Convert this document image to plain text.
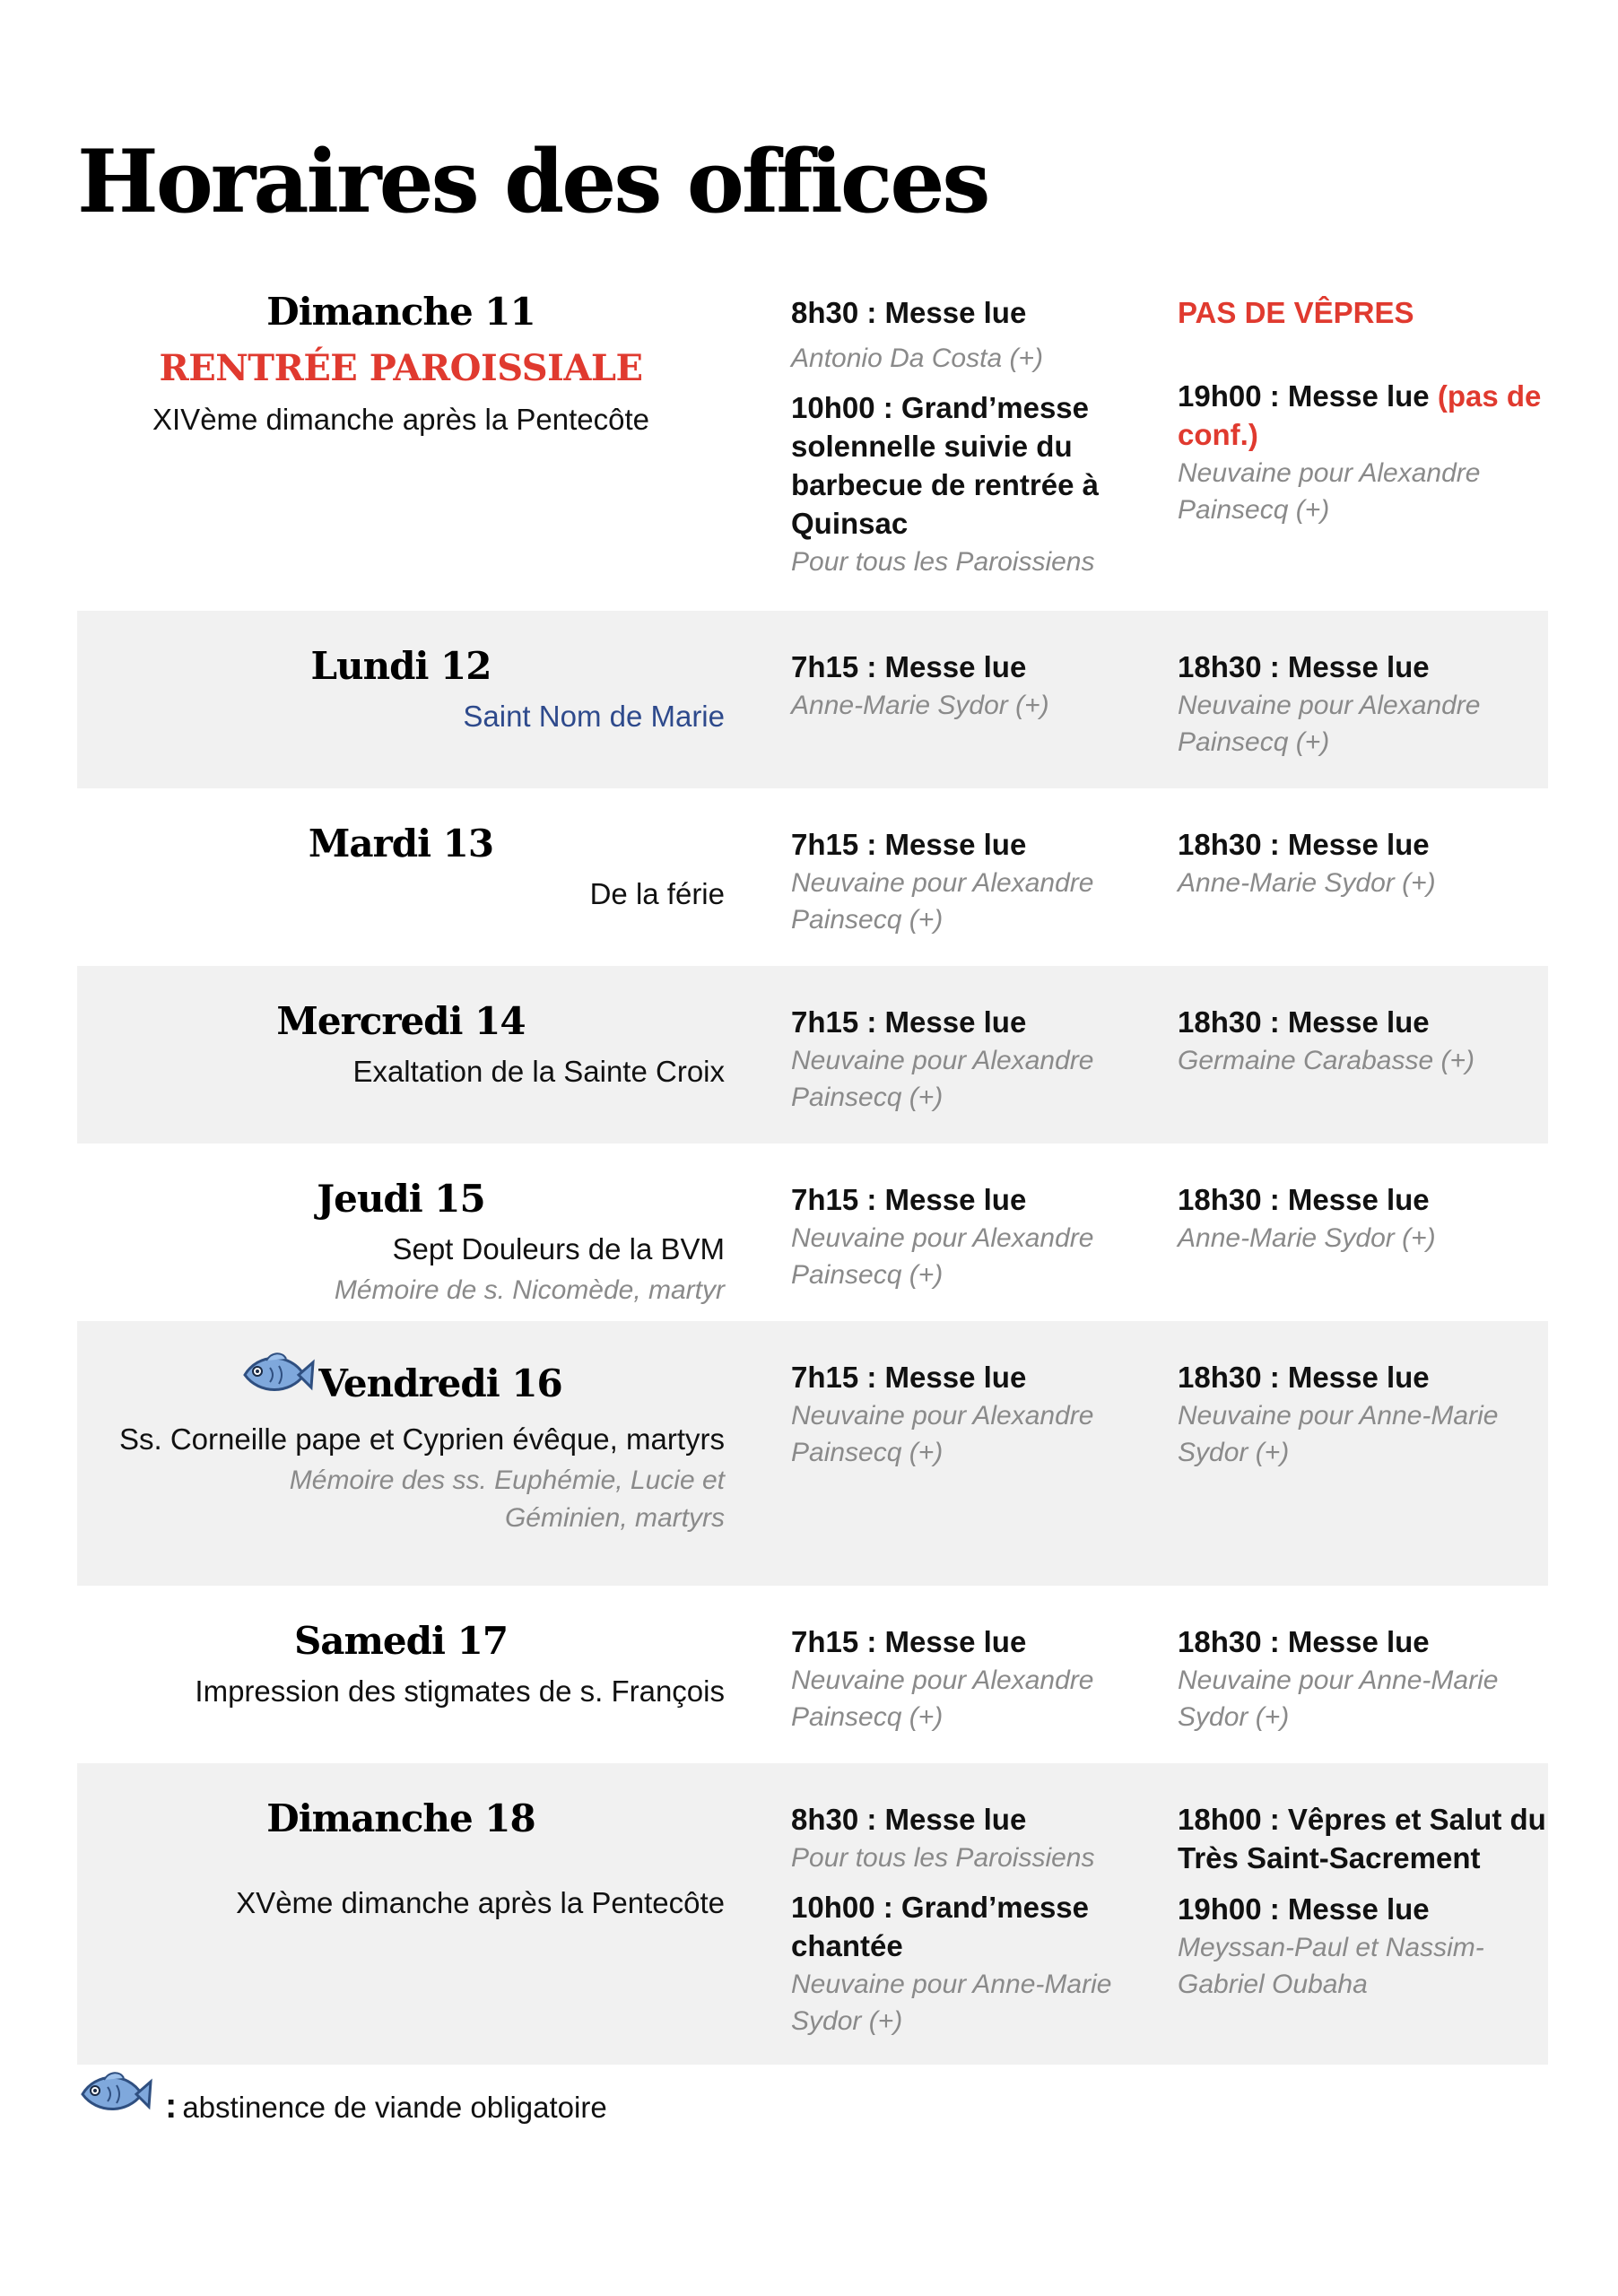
Horaires des offices
Dimanche 11
RENTRÉE PAROISSIALE
XIVème dimanche après la Pentecôte
8h30 : Messe lue
Antonio Da Costa (+)
10h00 : Grand’messe solennelle suivie du barbecue de rentrée à Quinsac
Pour tous les Paroissiens
PAS DE VÊPRES
19h00 : Messe lue (pas de conf.)
Neuvaine pour Alexandre Painsecq (+)
Lundi 12
Saint Nom de Marie
7h15 : Messe lue
Anne-Marie Sydor (+)
18h30 : Messe lue
Neuvaine pour Alexandre Painsecq (+)
Mardi 13
De la férie
7h15 : Messe lue
Neuvaine pour Alexandre Painsecq (+)
18h30 : Messe lue
Anne-Marie Sydor (+)
Mercredi 14
Exaltation de la Sainte Croix
7h15 : Messe lue
Neuvaine pour Alexandre Painsecq (+)
18h30 : Messe lue
Germaine Carabasse (+)
Jeudi 15
Sept Douleurs de la BVM
Mémoire de s. Nicomède, martyr
7h15 : Messe lue
Neuvaine pour Alexandre Painsecq (+)
18h30 : Messe lue
Anne-Marie Sydor (+)
Vendredi 16
Ss. Corneille pape et Cyprien évêque, martyrs
Mémoire des ss. Euphémie, Lucie et Géminien, martyrs
7h15 : Messe lue
Neuvaine pour Alexandre Painsecq (+)
18h30 : Messe lue
Neuvaine pour Anne-Marie Sydor (+)
Samedi 17
Impression des stigmates de s. François
7h15 : Messe lue
Neuvaine pour Alexandre Painsecq (+)
18h30 : Messe lue
Neuvaine pour Anne-Marie Sydor (+)
Dimanche 18
XVème dimanche après la Pentecôte
8h30 : Messe lue
Pour tous les Paroissiens
10h00 : Grand’messe chantée
Neuvaine pour Anne-Marie Sydor (+)
18h00 : Vêpres et Salut du Très Saint-Sacrement
19h00 : Messe lue
Meyssan-Paul et Nassim-Gabriel Oubaha
: abstinence de viande obligatoire
